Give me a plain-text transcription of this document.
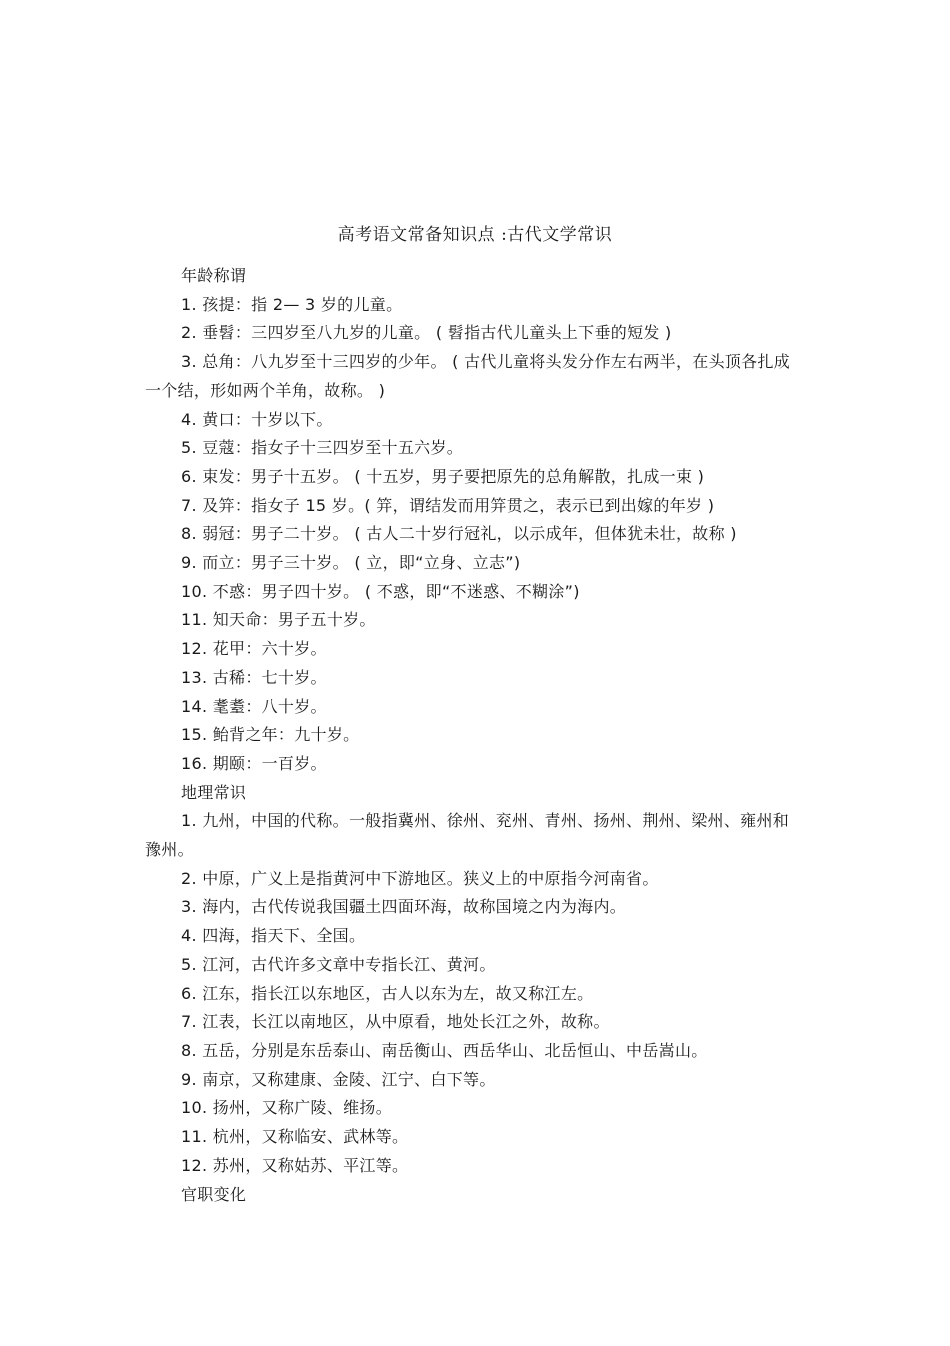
高考语文常备知识点 :古代文学常识
年龄称谓
1. 孩提：指 2— 3 岁的儿童。
2. 垂髫：三四岁至八九岁的儿童。 ( 髫指古代儿童头上下垂的短发 )
3. 总角：八九岁至十三四岁的少年。 ( 古代儿童将头发分作左右两半，在头顶各扎成一个结，形如两个羊角，故称。 )
4. 黄口：十岁以下。
5. 豆蔻：指女子十三四岁至十五六岁。
6. 束发：男子十五岁。 ( 十五岁，男子要把原先的总角解散，扎成一束 )
7. 及笄：指女子 15 岁。( 笄，谓结发而用笄贯之，表示已到出嫁的年岁 )
8. 弱冠：男子二十岁。 ( 古人二十岁行冠礼，以示成年，但体犹未壮，故称 )
9. 而立：男子三十岁。 ( 立，即“立身、立志”)
10. 不惑：男子四十岁。 ( 不惑，即“不迷惑、不糊涂”)
11. 知天命：男子五十岁。
12. 花甲：六十岁。
13. 古稀：七十岁。
14. 耄耋：八十岁。
15. 鲐背之年：九十岁。
16. 期颐：一百岁。
地理常识
1. 九州，中国的代称。一般指冀州、徐州、兖州、青州、扬州、荆州、梁州、雍州和豫州。
2. 中原，广义上是指黄河中下游地区。狭义上的中原指今河南省。
3. 海内，古代传说我国疆土四面环海，故称国境之内为海内。
4. 四海，指天下、全国。
5. 江河，古代许多文章中专指长江、黄河。
6. 江东，指长江以东地区，古人以东为左，故又称江左。
7. 江表，长江以南地区，从中原看，地处长江之外，故称。
8. 五岳，分别是东岳泰山、南岳衡山、西岳华山、北岳恒山、中岳嵩山。
9. 南京，又称建康、金陵、江宁、白下等。
10. 扬州，又称广陵、维扬。
11. 杭州，又称临安、武林等。
12. 苏州，又称姑苏、平江等。
官职变化
